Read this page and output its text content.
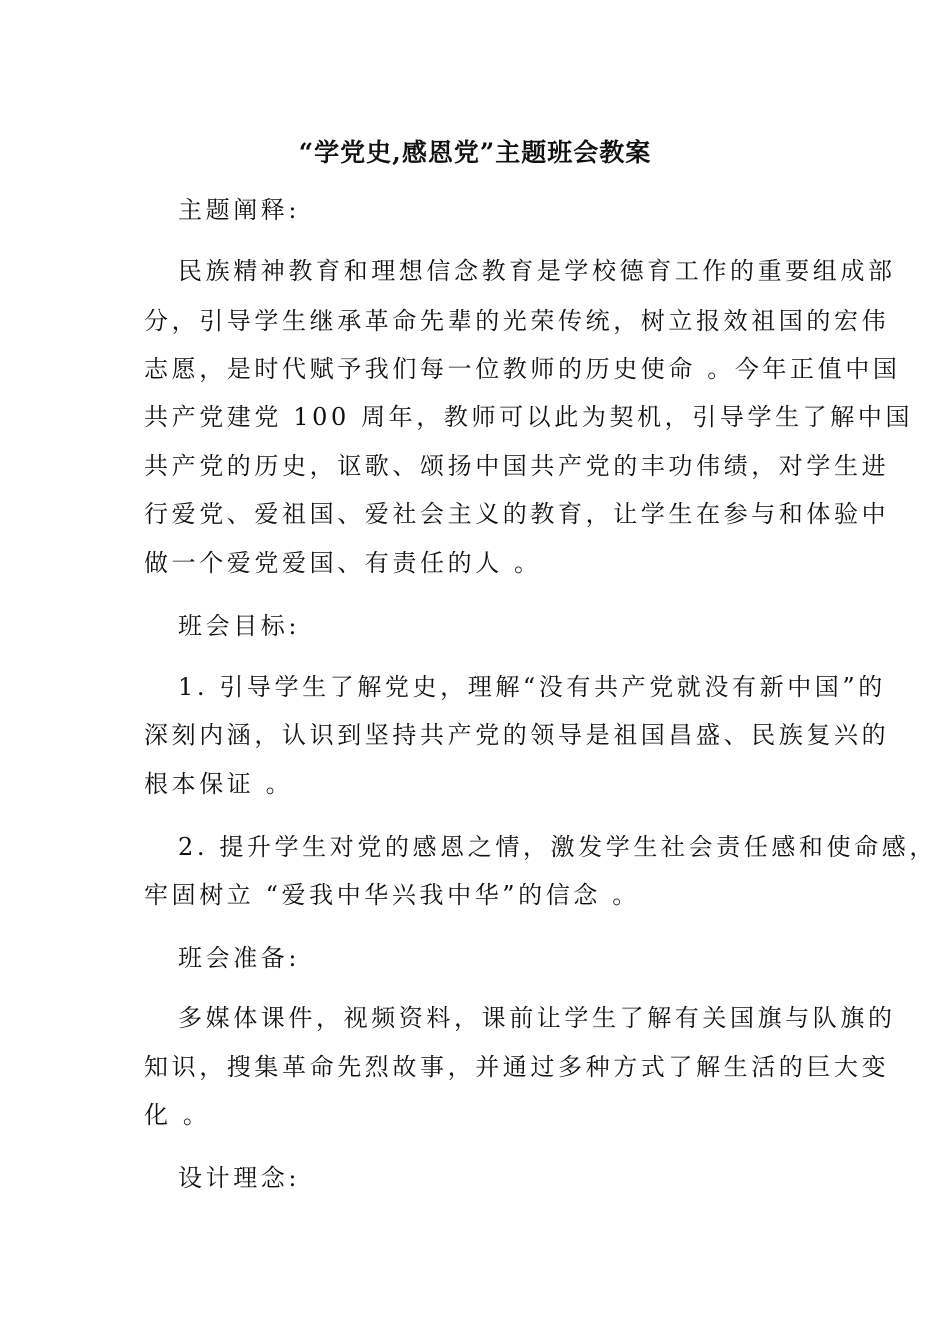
“学党史,感恩党”主题班会教案
主题阐释:
民族精神教育和理想信念教育是学校德育工作的重要组成部
分，引导学生继承革命先辈的光荣传统，树立报效祖国的宏伟
志愿，是时代赋予我们每一位教师的历史使命 。今年正值中国
共产党建党 100 周年，教师可以此为契机，引导学生了解中国
共产党的历史，讴歌、颂扬中国共产党的丰功伟绩，对学生进
行爱党、爱祖国、爱社会主义的教育，让学生在参与和体验中
做一个爱党爱国、有责任的人 。
班会目标:
1. 引导学生了解党史，理解“没有共产党就没有新中国”的
深刻内涵，认识到坚持共产党的领导是祖国昌盛、民族复兴的
根本保证 。
2. 提升学生对党的感恩之情，激发学生社会责任感和使命感，
牢固树立 “爱我中华兴我中华”的信念 。
班会准备:
多媒体课件，视频资料，课前让学生了解有关国旗与队旗的
知识，搜集革命先烈故事，并通过多种方式了解生活的巨大变
化 。
设计理念:
